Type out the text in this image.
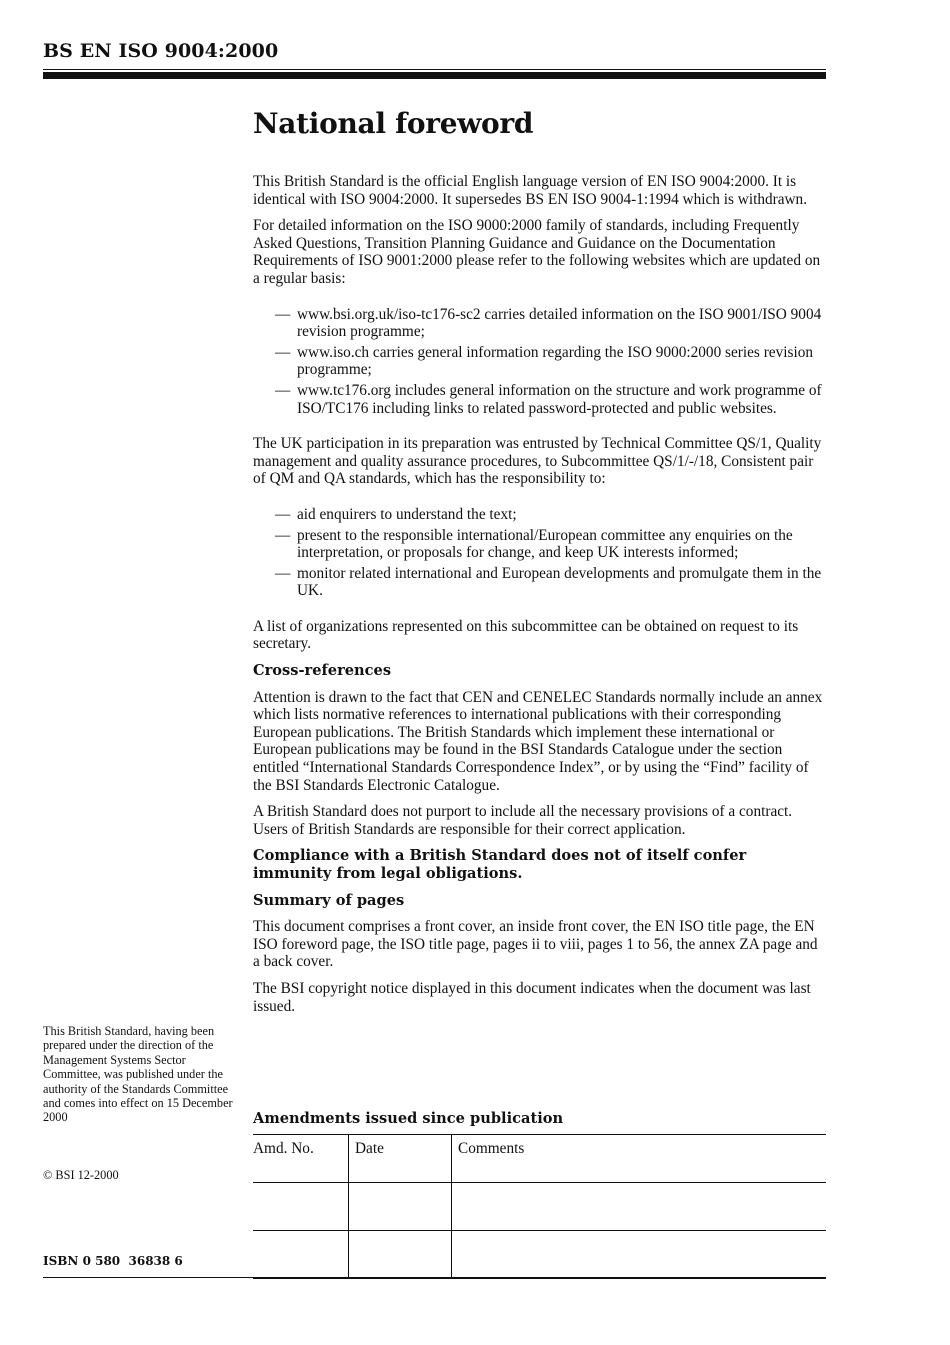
BS EN ISO 9004:2000
National foreword

This British Standard is the official English language version of EN ISO 9004:2000. It is identical with ISO 9004:2000. It supersedes BS EN ISO 9004-1:1994 which is withdrawn.

For detailed information on the ISO 9000:2000 family of standards, including Frequently Asked Questions, Transition Planning Guidance and Guidance on the Documentation Requirements of ISO 9001:2000 please refer to the following websites which are updated on a regular basis:

— www.bsi.org.uk/iso-tc176-sc2 carries detailed information on the ISO 9001/ISO 9004 revision programme;
— www.iso.ch carries general information regarding the ISO 9000:2000 series revision programme;
— www.tc176.org includes general information on the structure and work programme of ISO/TC176 including links to related password-protected and public websites.

The UK participation in its preparation was entrusted by Technical Committee QS/1, Quality management and quality assurance procedures, to Subcommittee QS/1/-/18, Consistent pair of QM and QA standards, which has the responsibility to:

— aid enquirers to understand the text;
— present to the responsible international/European committee any enquiries on the interpretation, or proposals for change, and keep UK interests informed;
— monitor related international and European developments and promulgate them in the UK.

A list of organizations represented on this subcommittee can be obtained on request to its secretary.

Cross-references

Attention is drawn to the fact that CEN and CENELEC Standards normally include an annex which lists normative references to international publications with their corresponding European publications. The British Standards which implement these international or European publications may be found in the BSI Standards Catalogue under the section entitled “International Standards Correspondence Index”, or by using the “Find” facility of the BSI Standards Electronic Catalogue.

A British Standard does not purport to include all the necessary provisions of a contract. Users of British Standards are responsible for their correct application.

Compliance with a British Standard does not of itself confer immunity from legal obligations.

Summary of pages

This document comprises a front cover, an inside front cover, the EN ISO title page, the EN ISO foreword page, the ISO title page, pages ii to viii, pages 1 to 56, the annex ZA page and a back cover.

The BSI copyright notice displayed in this document indicates when the document was last issued.

Amendments issued since publication
Amd. No.	Date	Comments

This British Standard, having been prepared under the direction of the Management Systems Sector Committee, was published under the authority of the Standards Committee and comes into effect on 15 December 2000
© BSI 12-2000
ISBN 0 580  36838 6
